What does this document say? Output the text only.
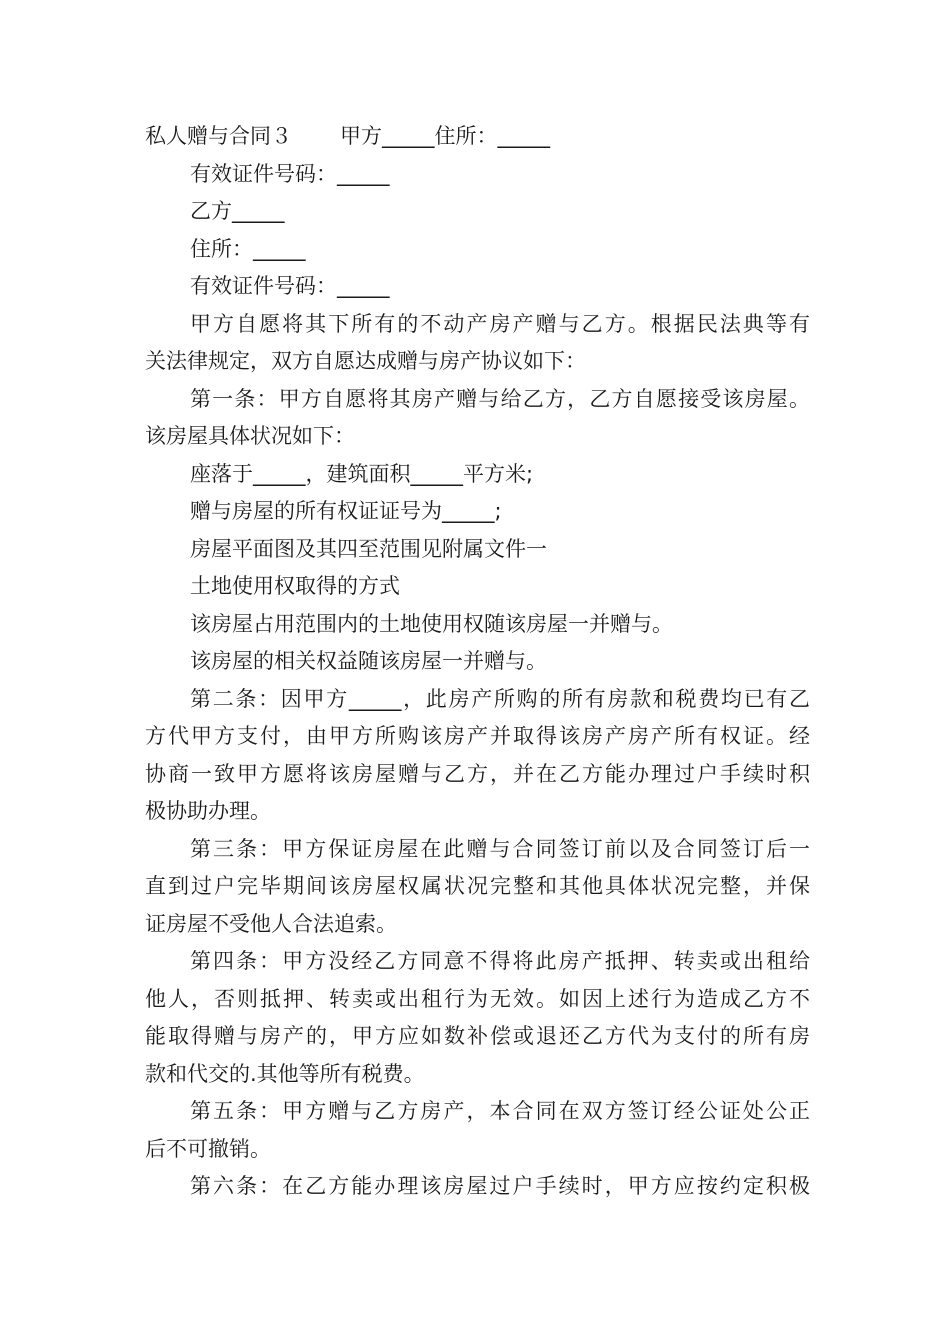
私人赠与合同３ 甲方_____住所：_____
有效证件号码：_____
乙方_____
住所：_____
有效证件号码：_____
甲方自愿将其下所有的不动产房产赠与乙方。根据民法典等有
关法律规定，双方自愿达成赠与房产协议如下：
第一条：甲方自愿将其房产赠与给乙方，乙方自愿接受该房屋。
该房屋具体状况如下：
座落于_____，建筑面积_____平方米;
赠与房屋的所有权证证号为_____;
房屋平面图及其四至范围见附属文件一
土地使用权取得的方式
该房屋占用范围内的土地使用权随该房屋一并赠与。
该房屋的相关权益随该房屋一并赠与。
第二条：因甲方_____，此房产所购的所有房款和税费均已有乙
方代甲方支付，由甲方所购该房产并取得该房产房产所有权证。经
协商一致甲方愿将该房屋赠与乙方，并在乙方能办理过户手续时积
极协助办理。
第三条：甲方保证房屋在此赠与合同签订前以及合同签订后一
直到过户完毕期间该房屋权属状况完整和其他具体状况完整，并保
证房屋不受他人合法追索。
第四条：甲方没经乙方同意不得将此房产抵押、转卖或出租给
他人，否则抵押、转卖或出租行为无效。如因上述行为造成乙方不
能取得赠与房产的，甲方应如数补偿或退还乙方代为支付的所有房
款和代交的.其他等所有税费。
第五条：甲方赠与乙方房产，本合同在双方签订经公证处公正
后不可撤销。
第六条：在乙方能办理该房屋过户手续时，甲方应按约定积极
